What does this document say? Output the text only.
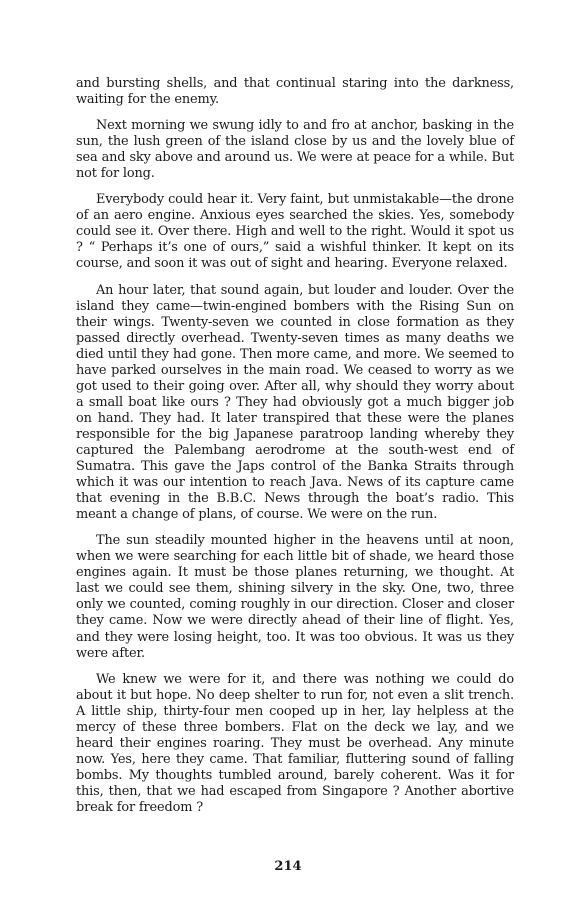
and bursting shells, and that continual staring into the darkness, waiting for the enemy.

Next morning we swung idly to and fro at anchor, basking in the sun, the lush green of the island close by us and the lovely blue of sea and sky above and around us. We were at peace for a while. But not for long.

Everybody could hear it. Very faint, but unmistakable—the drone of an aero engine. Anxious eyes searched the skies. Yes, somebody could see it. Over there. High and well to the right. Would it spot us ? “ Perhaps it’s one of ours,” said a wishful thinker. It kept on its course, and soon it was out of sight and hearing. Everyone relaxed.

An hour later, that sound again, but louder and louder. Over the island they came—twin-engined bombers with the Rising Sun on their wings. Twenty-seven we counted in close formation as they passed directly overhead. Twenty-seven times as many deaths we died until they had gone. Then more came, and more. We seemed to have parked ourselves in the main road. We ceased to worry as we got used to their going over. After all, why should they worry about a small boat like ours ? They had obviously got a much bigger job on hand. They had. It later transpired that these were the planes responsible for the big Japanese paratroop landing whereby they captured the Palembang aerodrome at the south-west end of Sumatra. This gave the Japs control of the Banka Straits through which it was our intention to reach Java. News of its capture came that evening in the B.B.C. News through the boat’s radio. This meant a change of plans, of course. We were on the run.

The sun steadily mounted higher in the heavens until at noon, when we were searching for each little bit of shade, we heard those engines again. It must be those planes returning, we thought. At last we could see them, shining silvery in the sky. One, two, three only we counted, coming roughly in our direction. Closer and closer they came. Now we were directly ahead of their line of flight. Yes, and they were losing height, too. It was too obvious. It was us they were after.

We knew we were for it, and there was nothing we could do about it but hope. No deep shelter to run for, not even a slit trench. A little ship, thirty-four men cooped up in her, lay helpless at the mercy of these three bombers. Flat on the deck we lay, and we heard their engines roaring. They must be overhead. Any minute now. Yes, here they came. That familiar, fluttering sound of falling bombs. My thoughts tumbled around, barely coherent. Was it for this, then, that we had escaped from Singapore ? Another abortive break for freedom ?

214
